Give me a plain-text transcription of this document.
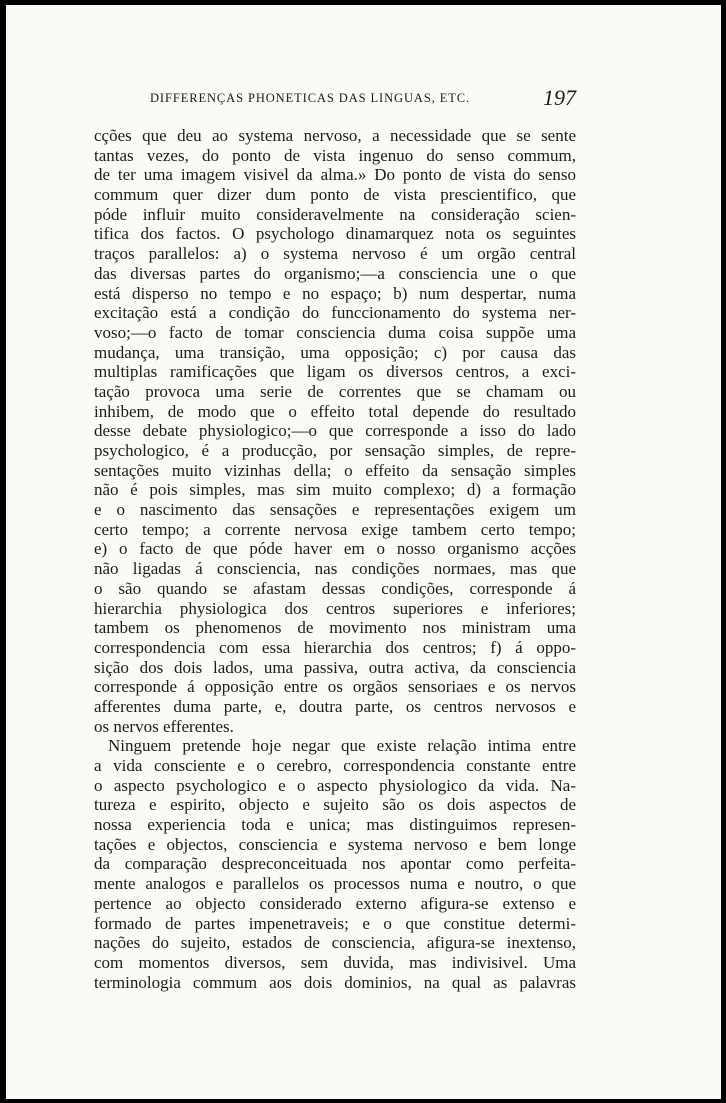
DIFFERENÇAS PHONETICAS DAS LINGUAS, ETC.	197
cções que deu ao systema nervoso, a necessidade que se sente
tantas vezes, do ponto de vista ingenuo do senso commum,
de ter uma imagem visivel da alma.» Do ponto de vista do senso
commum quer dizer dum ponto de vista prescientifico, que
póde influir muito consideravelmente na consideração scien-
tifica dos factos. O psychologo dinamarquez nota os seguintes
traços parallelos: a) o systema nervoso é um orgão central
das diversas partes do organismo;—a consciencia une o que
está disperso no tempo e no espaço; b) num despertar, numa
excitação está a condição do funccionamento do systema ner-
voso;—o facto de tomar consciencia duma coisa suppõe uma
mudança, uma transição, uma opposição; c) por causa das
multiplas ramificações que ligam os diversos centros, a exci-
tação provoca uma serie de correntes que se chamam ou
inhibem, de modo que o effeito total depende do resultado
desse debate physiologico;—o que corresponde a isso do lado
psychologico, é a producção, por sensação simples, de repre-
sentações muito vizinhas della; o effeito da sensação simples
não é pois simples, mas sim muito complexo; d) a formação
e o nascimento das sensações e representações exigem um
certo tempo; a corrente nervosa exige tambem certo tempo;
e) o facto de que póde haver em o nosso organismo acções
não ligadas á consciencia, nas condições normaes, mas que
o são quando se afastam dessas condições, corresponde á
hierarchia physiologica dos centros superiores e inferiores;
tambem os phenomenos de movimento nos ministram uma
correspondencia com essa hierarchia dos centros; f) á oppo-
sição dos dois lados, uma passiva, outra activa, da consciencia
corresponde á opposição entre os orgãos sensoriaes e os nervos
afferentes duma parte, e, doutra parte, os centros nervosos e
os nervos efferentes.
Ninguem pretende hoje negar que existe relação intima entre
a vida consciente e o cerebro, correspondencia constante entre
o aspecto psychologico e o aspecto physiologico da vida. Na-
tureza e espirito, objecto e sujeito são os dois aspectos de
nossa experiencia toda e unica; mas distinguimos represen-
tações e objectos, consciencia e systema nervoso e bem longe
da comparação despreconceituada nos apontar como perfeita-
mente analogos e parallelos os processos numa e noutro, o que
pertence ao objecto considerado externo afigura-se extenso e
formado de partes impenetraveis; e o que constitue determi-
nações do sujeito, estados de consciencia, afigura-se inextenso,
com momentos diversos, sem duvida, mas indivisivel. Uma
terminologia commum aos dois dominios, na qual as palavras
